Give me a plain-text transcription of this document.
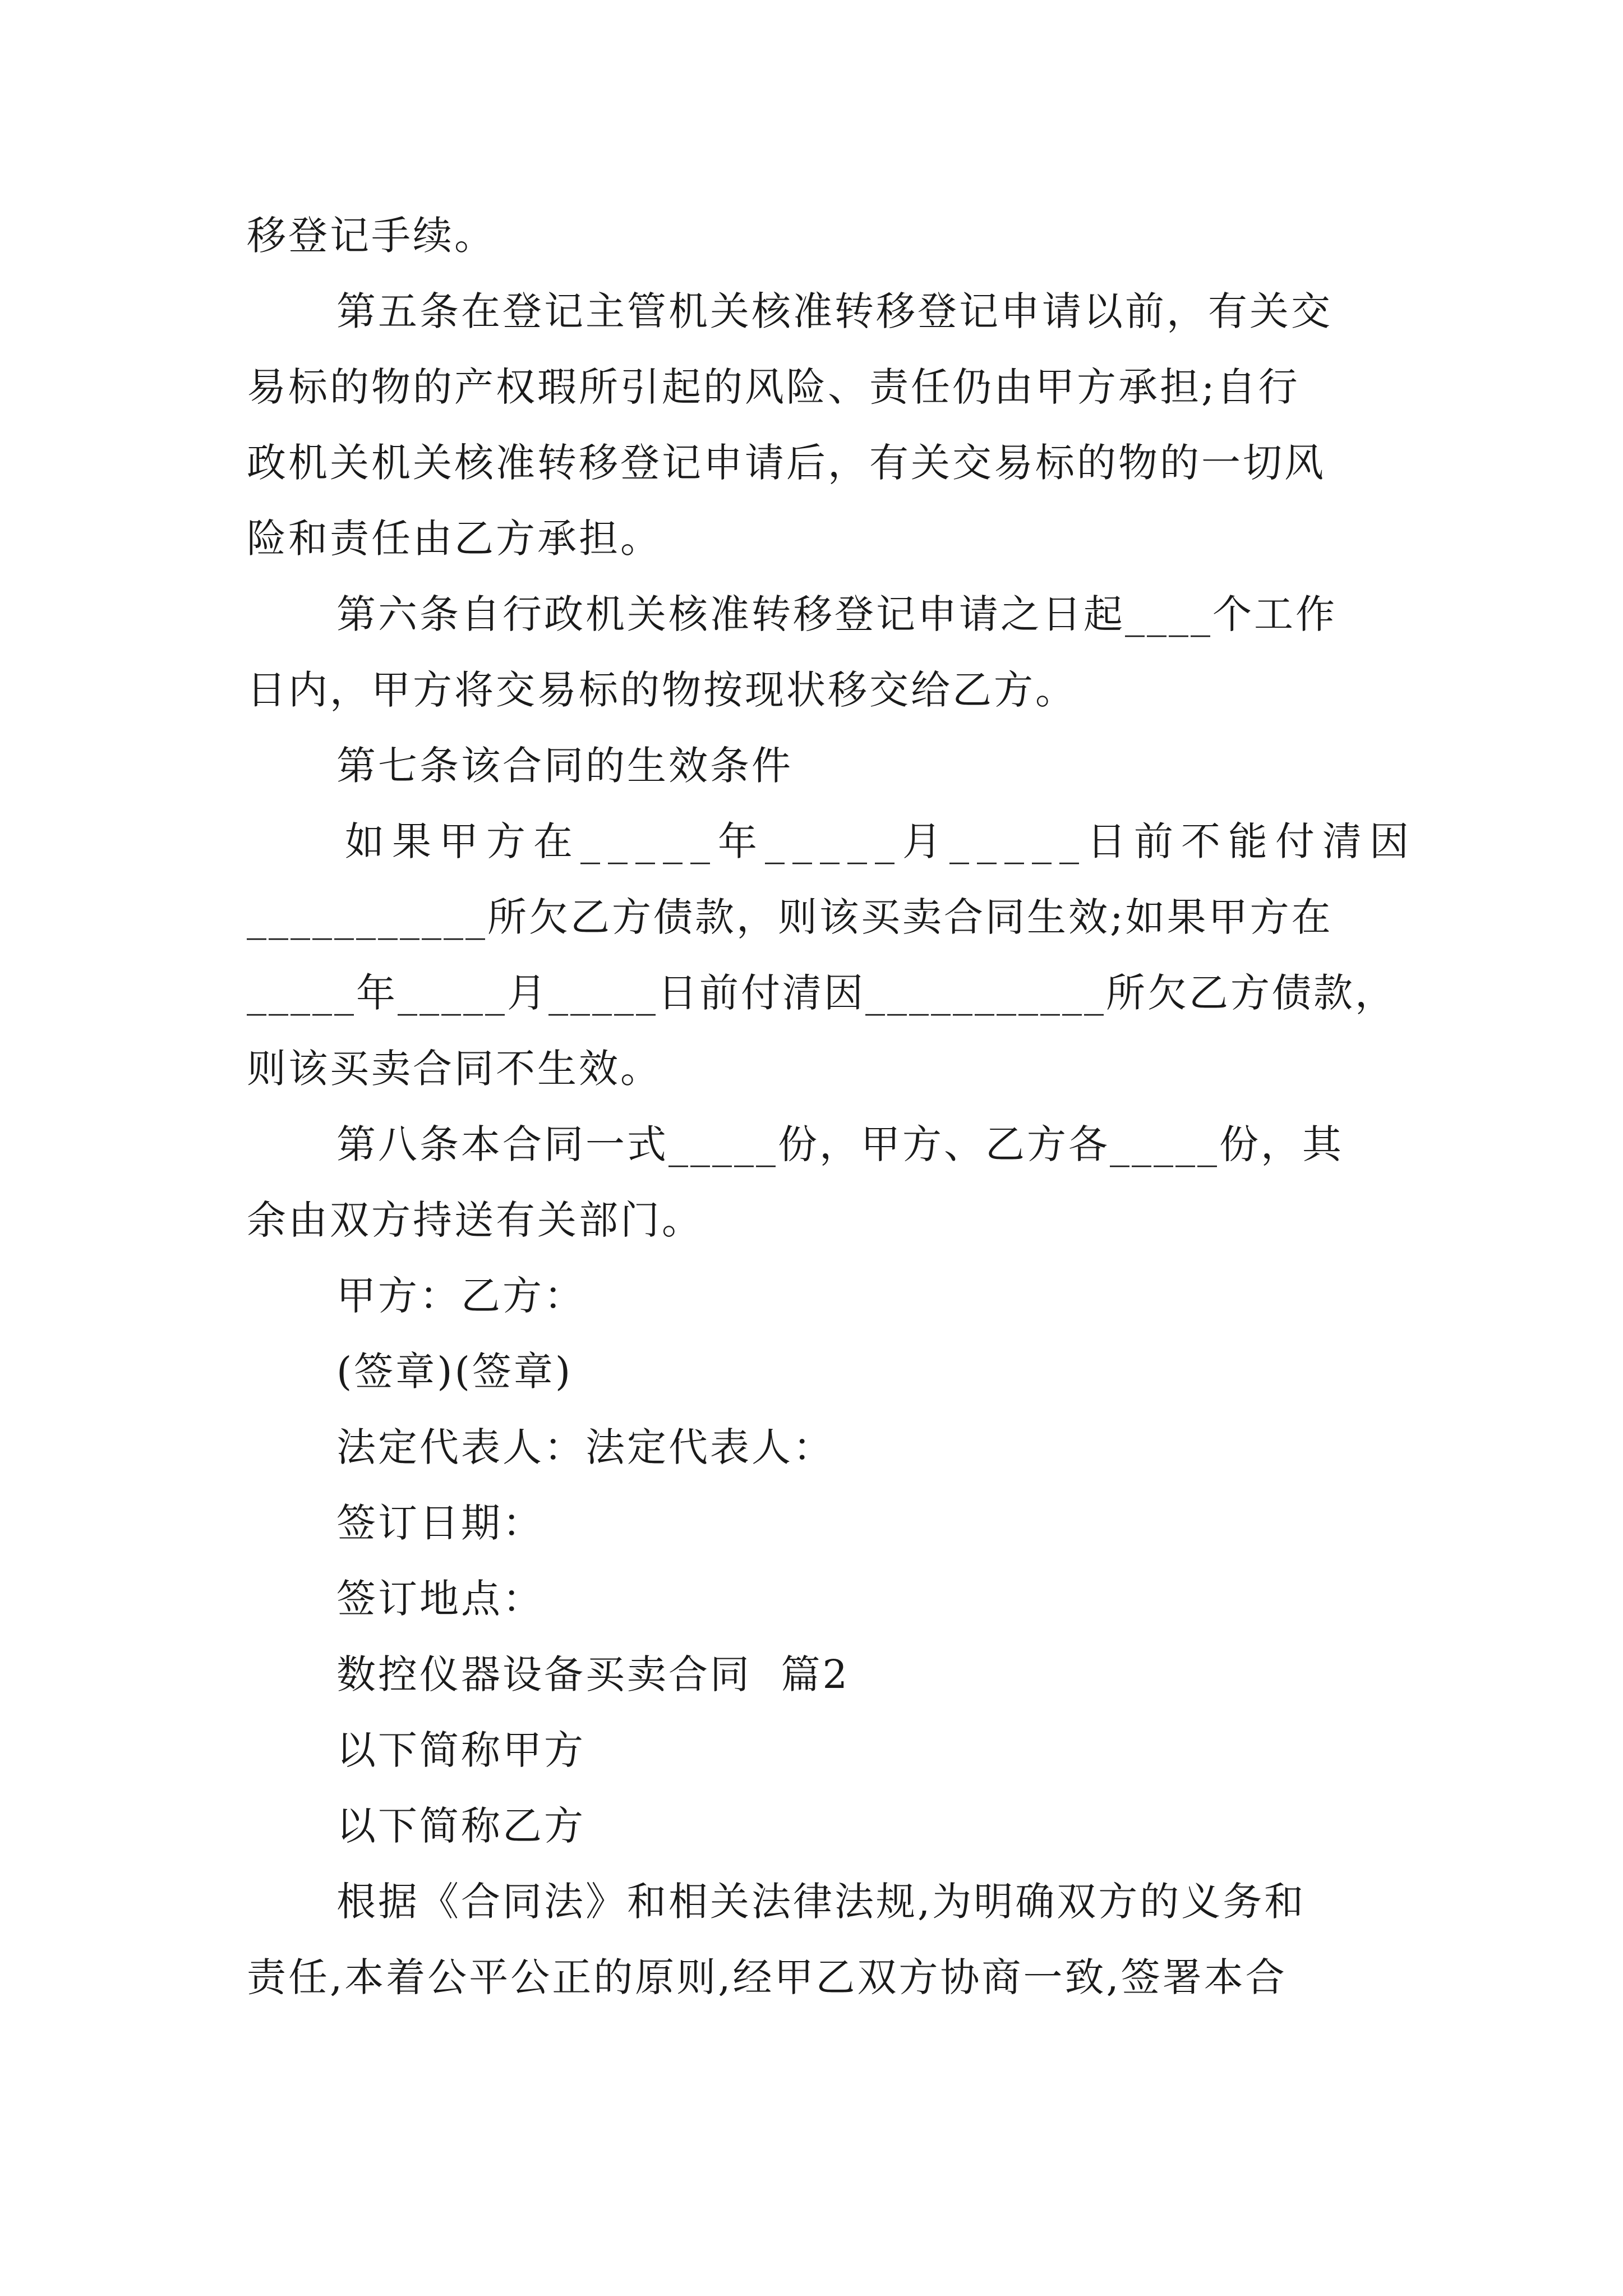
移登记手续。
第五条在登记主管机关核准转移登记申请以前，有关交
易标的物的产权瑕所引起的风险、责任仍由甲方承担;自行
政机关机关核准转移登记申请后，有关交易标的物的一切风
险和责任由乙方承担。
第六条自行政机关核准转移登记申请之日起____个工作
日内，甲方将交易标的物按现状移交给乙方。
第七条该合同的生效条件
如果甲方在_____年_____月_____日前不能付清因
___________所欠乙方债款，则该买卖合同生效;如果甲方在
_____年_____月_____日前付清因___________所欠乙方债款，
则该买卖合同不生效。
第八条本合同一式_____份，甲方、乙方各_____份，其
余由双方持送有关部门。
甲方：乙方：
(签章)(签章)
法定代表人：法定代表人：
签订日期：
签订地点：
数控仪器设备买卖合同  篇2
以下简称甲方
以下简称乙方
根据《合同法》和相关法律法规,为明确双方的义务和
责任,本着公平公正的原则,经甲乙双方协商一致,签署本合
